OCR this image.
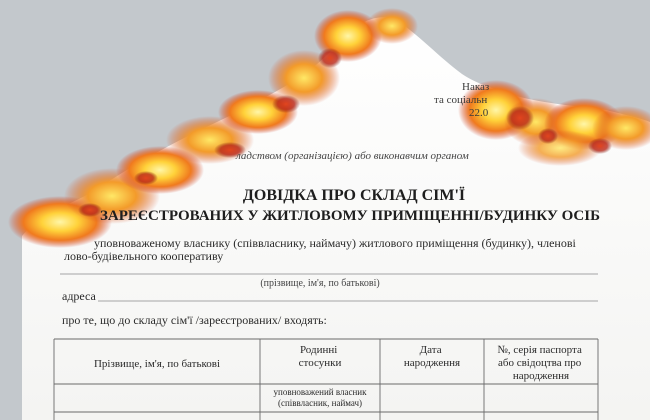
Наказ
та соціальн
22.0
ладством (організацією) або виконавчим органом
ДОВІДКА ПРО СКЛАД СІМ'Ї
ЗАРЕЄСТРОВАНИХ У ЖИТЛОВОМУ ПРИМІЩЕННІ/БУДИНКУ ОСІБ
уповноваженому власнику (співвласнику, наймачу) житлового приміщення (будинку), членові
лово-будівельного кооперативу
(прізвище, ім'я, по батькові)
адреса
про те, що до складу сім'ї /зареєстрованих/ входять:
Прізвище, ім'я, по батькові
Родинні стосунки
Дата народження
№, серія паспорта або свідоцтва про народження
уповноважений власник
(співвласник, наймач)
